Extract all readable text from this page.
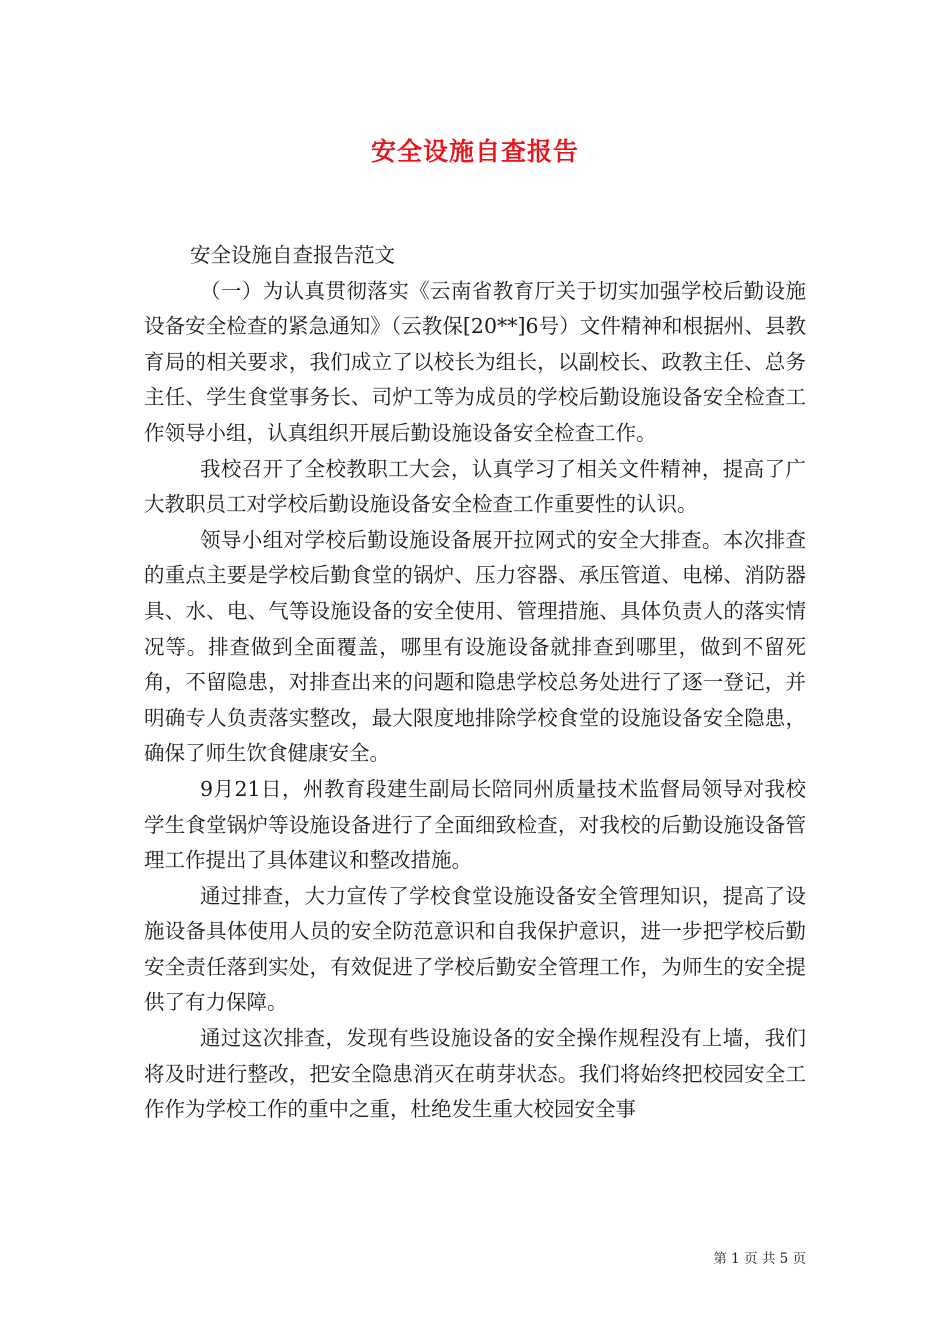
安全设施自查报告

安全设施自查报告范文

（一）为认真贯彻落实《云南省教育厅关于切实加强学校后勤设施设备安全检查的紧急通知》（云教保[20**]6号）文件精神和根据州、县教育局的相关要求，我们成立了以校长为组长，以副校长、政教主任、总务主任、学生食堂事务长、司炉工等为成员的学校后勤设施设备安全检查工作领导小组，认真组织开展后勤设施设备安全检查工作。

我校召开了全校教职工大会，认真学习了相关文件精神，提高了广大教职员工对学校后勤设施设备安全检查工作重要性的认识。

领导小组对学校后勤设施设备展开拉网式的安全大排查。本次排查的重点主要是学校后勤食堂的锅炉、压力容器、承压管道、电梯、消防器具、水、电、气等设施设备的安全使用、管理措施、具体负责人的落实情况等。排查做到全面覆盖，哪里有设施设备就排查到哪里，做到不留死角，不留隐患，对排查出来的问题和隐患学校总务处进行了逐一登记，并明确专人负责落实整改，最大限度地排除学校食堂的设施设备安全隐患，确保了师生饮食健康安全。

9月21日，州教育段建生副局长陪同州质量技术监督局领导对我校学生食堂锅炉等设施设备进行了全面细致检查，对我校的后勤设施设备管理工作提出了具体建议和整改措施。

通过排查，大力宣传了学校食堂设施设备安全管理知识，提高了设施设备具体使用人员的安全防范意识和自我保护意识，进一步把学校后勤安全责任落到实处，有效促进了学校后勤安全管理工作，为师生的安全提供了有力保障。

通过这次排查，发现有些设施设备的安全操作规程没有上墙，我们将及时进行整改，把安全隐患消灭在萌芽状态。我们将始终把校园安全工作作为学校工作的重中之重，杜绝发生重大校园安全事

第 1 页 共 5 页
